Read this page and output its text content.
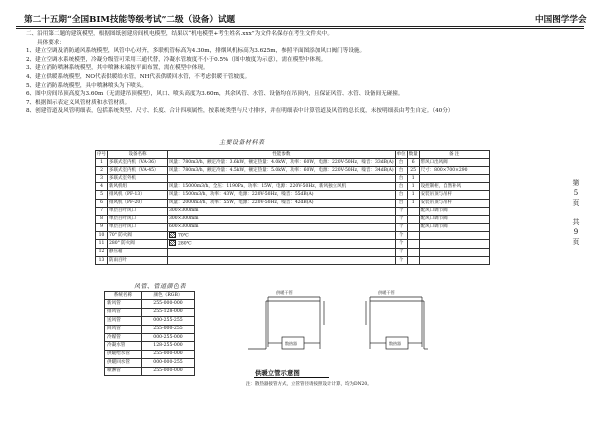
第二十五期“全国BIM技能等级考试”二级（设备）试题	中国图学学会
二、沿用第二题的建筑模型，根据图纸创建房间机电模型，结果以“机电模型+考生姓名.xxx”为文件名保存在考生文件夹中。
具体要求：
1、建立空调及消防通风系统模型，风管中心对齐，多联机管标高为4.30m，排烟风机标高为3.625m，参照平面图添加风口阀门等设施。
2、建立空调水系统模型，冷凝分级管可采用三通代替，冷凝水管坡度不小于0.5%（图中坡度为示意），需在模型中体现。
3、建立消防喷淋系统模型，其中喷淋末端按平面布置，需在模型中体现。
4、建立供暖系统模型，NO代表供暖给水管，NH代表供暖回水管，不考虑供暖干管坡度。
5、建立消防系统模型，具中喷淋喷头为下喷头。
6、图中房间吊顶高度为3.60m（无需建吊顶模型），风口、喷头高度为3.60m，其余风管、水管、设备均在吊顶内，且保证风管、水管、设备间无碰撞。
7、根据图示表定义风管材质和水管材质。
8、创建管道及风管明细表，包括系统类型、尺寸、长度、合计四项属性，按系统类型与尺寸排序，并在明细表中计算管道及风管的总长度，未按明细表由考生自定。（40分）
第
5
页
共
9
页
主要设备材料表
序号	设备名称	性能参数	单位	数量	备 注
1	多联式室内机（VA-36）	风量：780m3/h，额定冷量：3.6kW，额定热量：4.0kW，功率：60W，电源：220V-50Hz，噪音：33dB(A)	台	6	带风口出风阀
2	多联式室内机（VA-45）	风量：780m3/h，额定冷量：4.5kW，额定热量：5.0kW，功率：60W，电源：220V-50Hz，噪音：34dB(A)	台	25	尺寸：800×700×290
3	多联式室外机		台	1	
4	新风机组	风量：15000m3/h，全压：1190Pa，功率：15W，电源：220V-50Hz，新风独立风机	台	1	设控制柜，自然补风
5	排风机（PF-13）	风量：1500m3/h，功率：43W，电源：220V-50Hz，噪音：55dB(A)	台	1	安装吊顶与吊杆
6	排风机（PF-20）	风量：2000m3/h，功率：55W，电源：220V-50Hz，噪音：42dB(A)	台	1	安装吊顶与吊杆
7	单层百叶风口	300×300mm	个		配风口调节阀
8	单层百叶风口	300×300mm	个		配风口调节阀
9	单层百叶风口	600×300mm	个		配风口调节阀
10	70° 防火阀	70℃	个		
11	280° 防火阀	280℃	个		
12	静压箱		个		
13	防雨百叶		个		
风管、管道颜色表
系统名称	颜色（RGB）
新风管	255-000-000
排风管	255-128-000
送风管	000-255-255
回风管	255-000-255
冷媒管	000-255-000
冷凝水管	128-255-000
供暖给水管	255-000-000
供暖回水管	000-000-255
喷淋管	255-000-000
供暖干管	供暖干管
散热器	散热器
供暖立管示意图
注：散热器接管方式，立管管径请按照设计计算，均为DN20。
